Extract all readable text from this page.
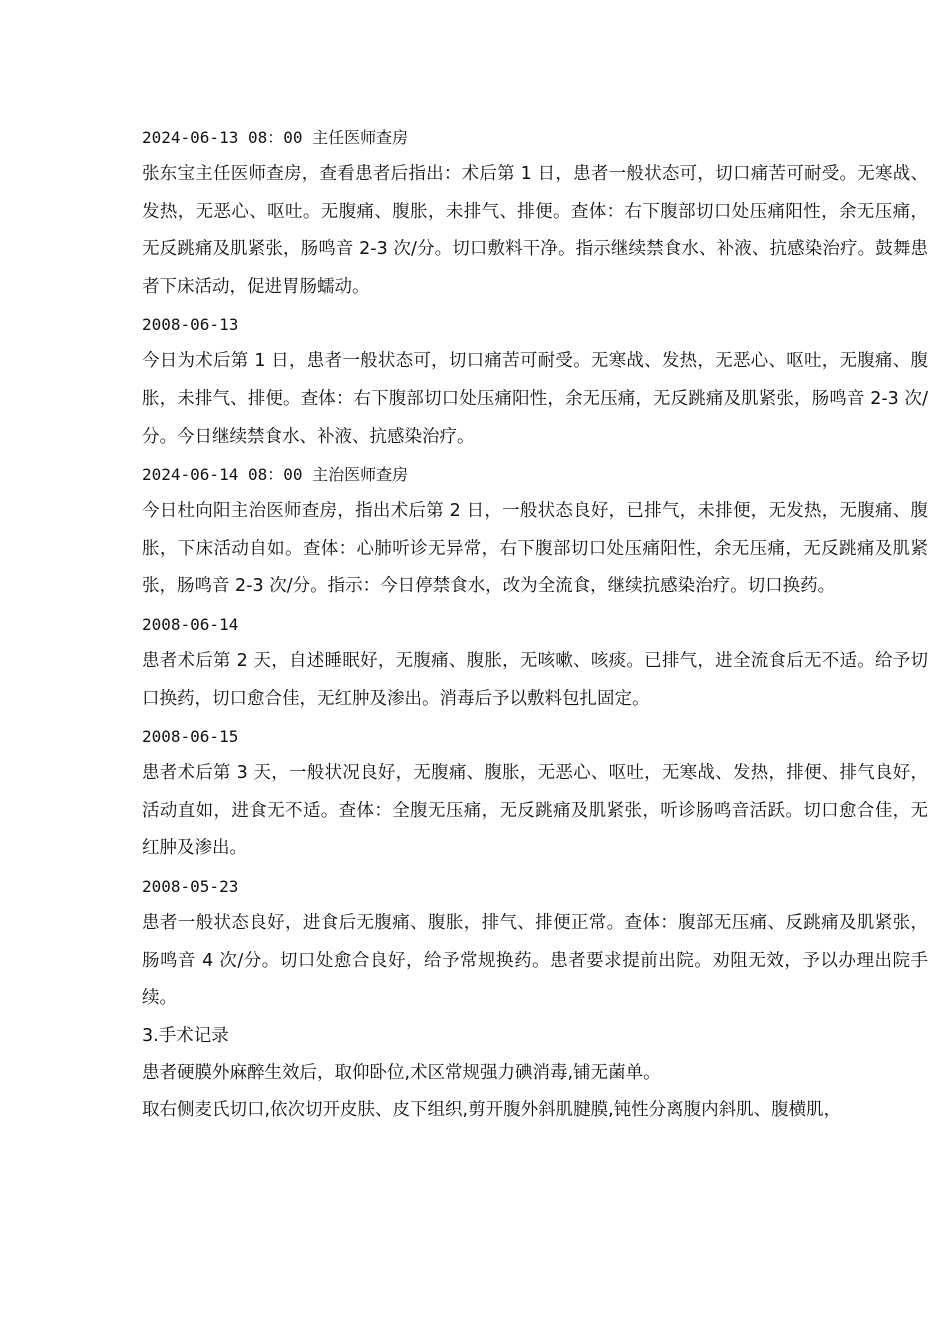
2024-06-13 08：00 主任医师查房

张东宝主任医师查房，查看患者后指出：术后第 1 日，患者一般状态可，切口痛苦可耐受。无寒战、发热，无恶心、呕吐。无腹痛、腹胀，未排气、排便。查体：右下腹部切口处压痛阳性，余无压痛，无反跳痛及肌紧张，肠鸣音 2-3 次/分。切口敷料干净。指示继续禁食水、补液、抗感染治疗。鼓舞患者下床活动，促进胃肠蠕动。

2008-06-13

今日为术后第 1 日，患者一般状态可，切口痛苦可耐受。无寒战、发热，无恶心、呕吐，无腹痛、腹胀，未排气、排便。查体：右下腹部切口处压痛阳性，余无压痛，无反跳痛及肌紧张，肠鸣音 2-3 次/分。今日继续禁食水、补液、抗感染治疗。

2024-06-14 08：00 主治医师查房

今日杜向阳主治医师查房，指出术后第 2 日，一般状态良好，已排气，未排便，无发热，无腹痛、腹胀，下床活动自如。查体：心肺听诊无异常，右下腹部切口处压痛阳性，余无压痛，无反跳痛及肌紧张，肠鸣音 2-3 次/分。指示：今日停禁食水，改为全流食，继续抗感染治疗。切口换药。

2008-06-14

患者术后第 2 天，自述睡眠好，无腹痛、腹胀，无咳嗽、咳痰。已排气，进全流食后无不适。给予切口换药，切口愈合佳，无红肿及渗出。消毒后予以敷料包扎固定。

2008-06-15

患者术后第 3 天，一般状况良好，无腹痛、腹胀，无恶心、呕吐，无寒战、发热，排便、排气良好，活动直如，进食无不适。查体：全腹无压痛，无反跳痛及肌紧张，听诊肠鸣音活跃。切口愈合佳，无红肿及渗出。

2008-05-23

患者一般状态良好，进食后无腹痛、腹胀，排气、排便正常。查体：腹部无压痛、反跳痛及肌紧张，肠鸣音 4 次/分。切口处愈合良好，给予常规换药。患者要求提前出院。劝阻无效，予以办理出院手续。

3.手术记录

患者硬膜外麻醉生效后，取仰卧位,术区常规强力碘消毒,铺无菌单。

取右侧麦氏切口,依次切开皮肤、皮下组织,剪开腹外斜肌腱膜,钝性分离腹内斜肌、腹横肌，
